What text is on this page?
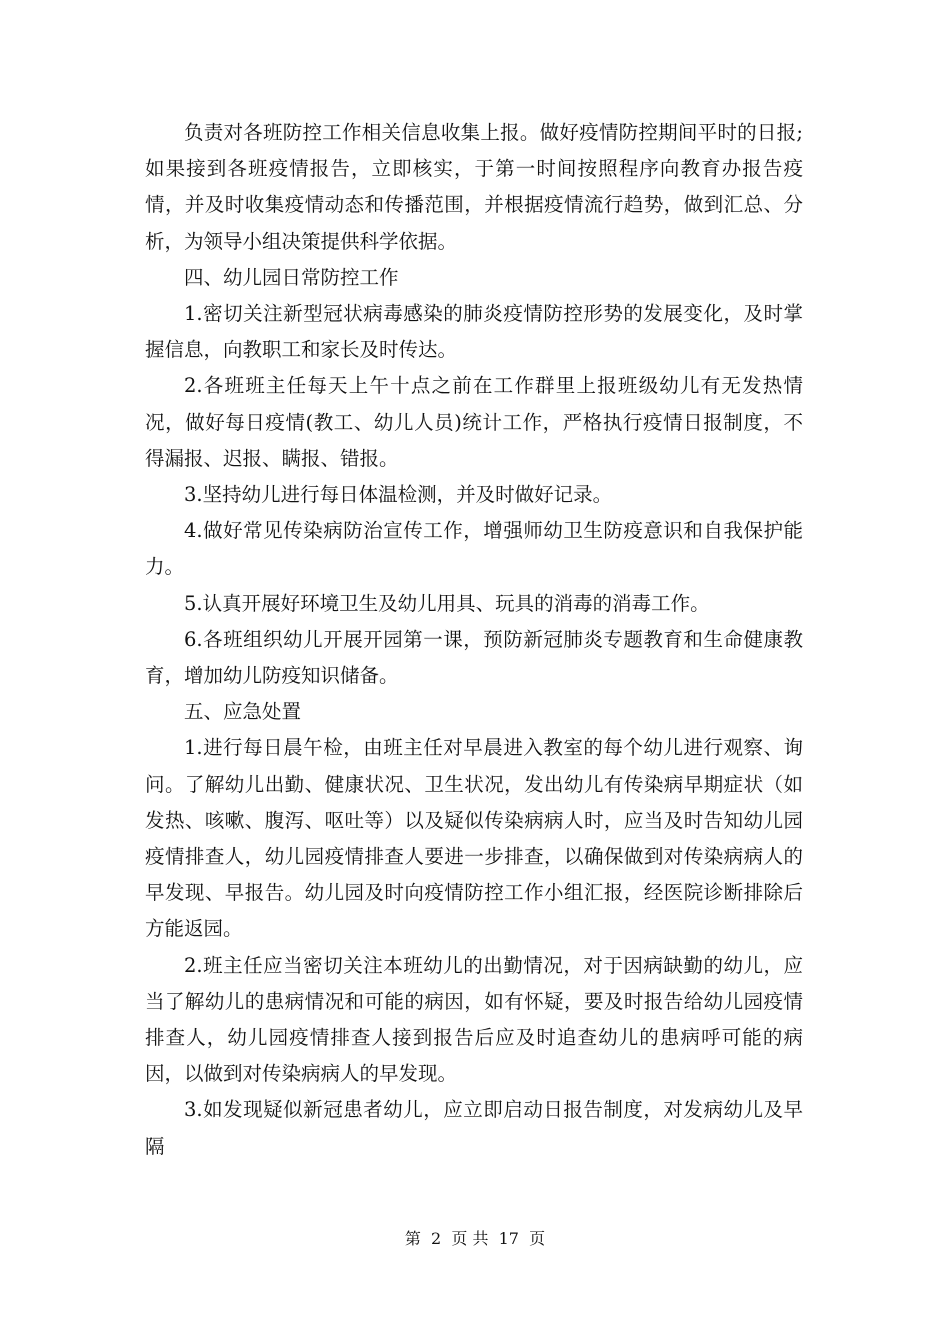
负责对各班防控工作相关信息收集上报。做好疫情防控期间平时的日报;如果接到各班疫情报告，立即核实，于第一时间按照程序向教育办报告疫情，并及时收集疫情动态和传播范围，并根据疫情流行趋势，做到汇总、分析，为领导小组决策提供科学依据。

四、幼儿园日常防控工作

1.密切关注新型冠状病毒感染的肺炎疫情防控形势的发展变化，及时掌握信息，向教职工和家长及时传达。

2.各班班主任每天上午十点之前在工作群里上报班级幼儿有无发热情况，做好每日疫情(教工、幼儿人员)统计工作，严格执行疫情日报制度，不得漏报、迟报、瞒报、错报。

3.坚持幼儿进行每日体温检测，并及时做好记录。

4.做好常见传染病防治宣传工作，增强师幼卫生防疫意识和自我保护能力。

5.认真开展好环境卫生及幼儿用具、玩具的消毒的消毒工作。

6.各班组织幼儿开展开园第一课，预防新冠肺炎专题教育和生命健康教育，增加幼儿防疫知识储备。

五、应急处置

1.进行每日晨午检，由班主任对早晨进入教室的每个幼儿进行观察、询问。了解幼儿出勤、健康状况、卫生状况，发出幼儿有传染病早期症状（如发热、咳嗽、腹泻、呕吐等）以及疑似传染病病人时，应当及时告知幼儿园疫情排查人，幼儿园疫情排查人要进一步排查，以确保做到对传染病病人的早发现、早报告。幼儿园及时向疫情防控工作小组汇报，经医院诊断排除后方能返园。

2.班主任应当密切关注本班幼儿的出勤情况，对于因病缺勤的幼儿，应当了解幼儿的患病情况和可能的病因，如有怀疑，要及时报告给幼儿园疫情排查人，幼儿园疫情排查人接到报告后应及时追查幼儿的患病呼可能的病因，以做到对传染病病人的早发现。

3.如发现疑似新冠患者幼儿，应立即启动日报告制度，对发病幼儿及早隔

第  2  页 共  17  页
